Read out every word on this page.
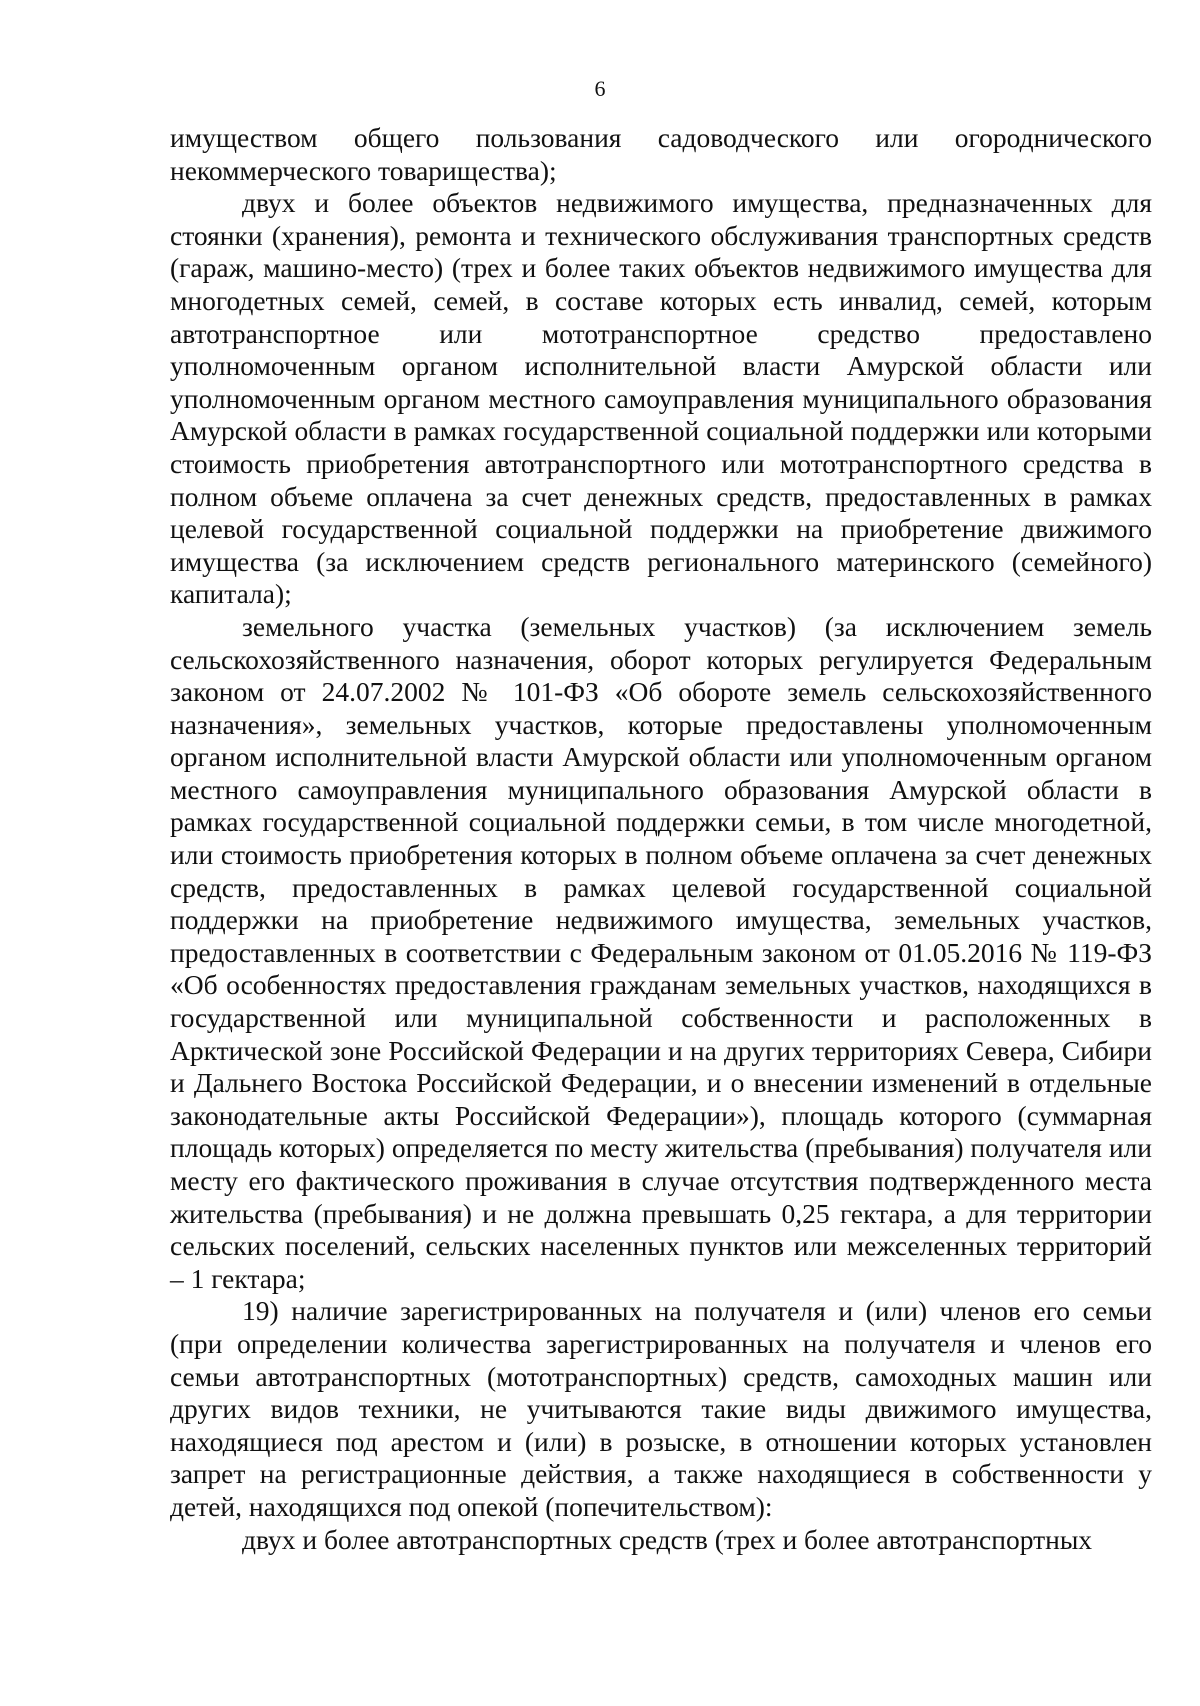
6

имуществом общего пользования садоводческого или огороднического некоммерческого товарищества);

двух и более объектов недвижимого имущества, предназначенных для стоянки (хранения), ремонта и технического обслуживания транспортных средств (гараж, машино-место) (трех и более таких объектов недвижимого имущества для многодетных семей, семей, в составе которых есть инвалид, семей, которым автотранспортное или мототранспортное средство предоставлено уполномоченным органом исполнительной власти Амурской области или уполномоченным органом местного самоуправления муниципального образования Амурской области в рамках государственной социальной поддержки или которыми стоимость приобретения автотранспортного или мототранспортного средства в полном объеме оплачена за счет денежных средств, предоставленных в рамках целевой государственной социальной поддержки на приобретение движимого имущества (за исключением средств регионального материнского (семейного) капитала);

земельного участка (земельных участков) (за исключением земель сельскохозяйственного назначения, оборот которых регулируется Федеральным законом от 24.07.2002 № 101-ФЗ «Об обороте земель сельскохозяйственного назначения», земельных участков, которые предоставлены уполномоченным органом исполнительной власти Амурской области или уполномоченным органом местного самоуправления муниципального образования Амурской области в рамках государственной социальной поддержки семьи, в том числе многодетной, или стоимость приобретения которых в полном объеме оплачена за счет денежных средств, предоставленных в рамках целевой государственной социальной поддержки на приобретение недвижимого имущества, земельных участков, предоставленных в соответствии с Федеральным законом от 01.05.2016 № 119-ФЗ «Об особенностях предоставления гражданам земельных участков, находящихся в государственной или муниципальной собственности и расположенных в Арктической зоне Российской Федерации и на других территориях Севера, Сибири и Дальнего Востока Российской Федерации, и о внесении изменений в отдельные законодательные акты Российской Федерации»), площадь которого (суммарная площадь которых) определяется по месту жительства (пребывания) получателя или месту его фактического проживания в случае отсутствия подтвержденного места жительства (пребывания) и не должна превышать 0,25 гектара, а для территории сельских поселений, сельских населенных пунктов или межселенных территорий – 1 гектара;

19) наличие зарегистрированных на получателя и (или) членов его семьи (при определении количества зарегистрированных на получателя и членов его семьи автотранспортных (мототранспортных) средств, самоходных машин или других видов техники, не учитываются такие виды движимого имущества, находящиеся под арестом и (или) в розыске, в отношении которых установлен запрет на регистрационные действия, а также находящиеся в собственности у детей, находящихся под опекой (попечительством):

двух и более автотранспортных средств (трех и более автотранспортных
